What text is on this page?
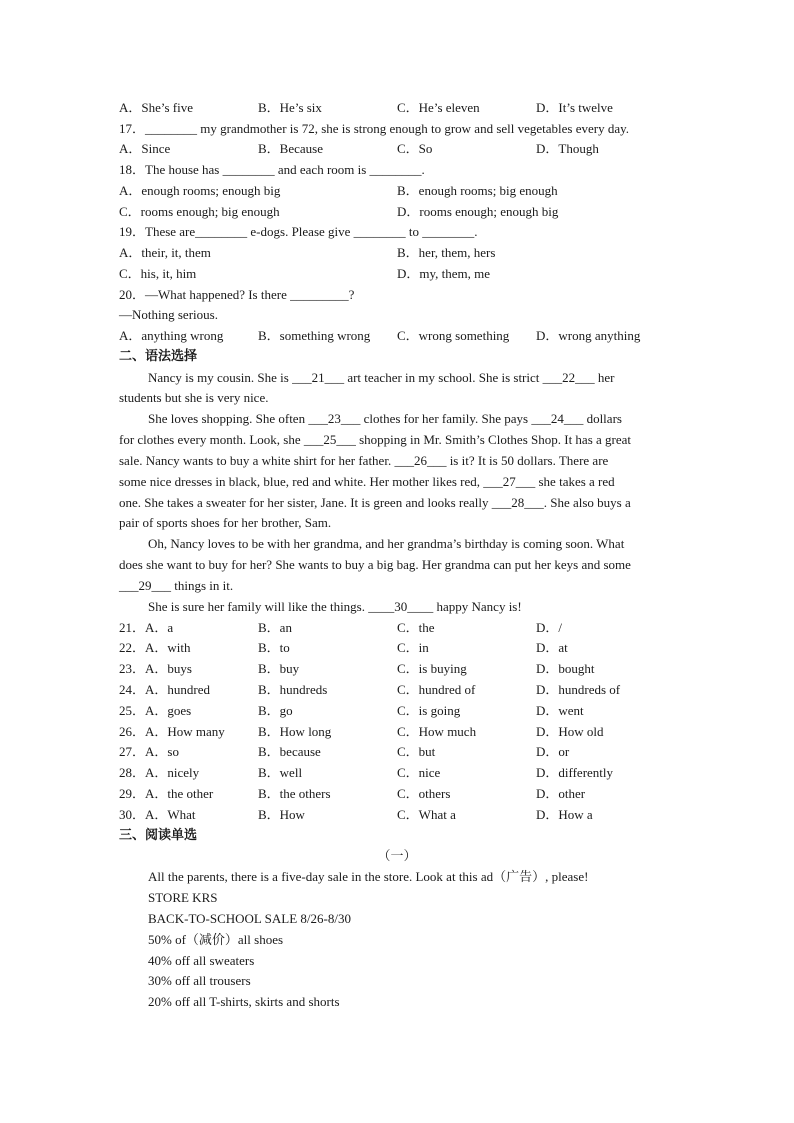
A．She’s five	B．He’s six	C．He’s eleven	D．It’s twelve
17．________ my grandmother is 72, she is strong enough to grow and sell vegetables every day.
A．Since	B．Because	C．So	D．Though
18．The house has ________ and each room is ________.
A．enough rooms; enough big	B．enough rooms; big enough
C．rooms enough; big enough	D．rooms enough; enough big
19．These are________ e-dogs. Please give ________ to ________.
A．their, it, them	B．her, them, hers
C．his, it, him	D．my, them, me
20．—What happened? Is there _________?
—Nothing serious.
A．anything wrong	B．something wrong C．wrong something D．wrong anything
二、语法选择
Nancy is my cousin. She is ___21___ art teacher in my school. She is strict ___22___ her
students but she is very nice.
She loves shopping. She often ___23___ clothes for her family. She pays ___24___ dollars
for clothes every month. Look, she ___25___ shopping in Mr. Smith’s Clothes Shop. It has a great
sale. Nancy wants to buy a white shirt for her father. ___26___ is it? It is 50 dollars. There are
some nice dresses in black, blue, red and white. Her mother likes red, ___27___ she takes a red
one. She takes a sweater for her sister, Jane. It is green and looks really ___28___. She also buys a
pair of sports shoes for her brother, Sam.
Oh, Nancy loves to be with her grandma, and her grandma’s birthday is coming soon. What
does she want to buy for her? She wants to buy a big bag. Her grandma can put her keys and some
___29___ things in it.
She is sure her family will like the things. ____30____ happy Nancy is!
21．A．a	B．an	C．the	D．/
22．A．with	B．to	C．in	D．at
23．A．buys	B．buy	C．is buying	D．bought
24．A．hundred	B．hundreds	C．hundred of	D．hundreds of
25．A．goes	B．go	C．is going	D．went
26．A．How many	B．How long	C．How much	D．How old
27．A．so	B．because	C．but	D．or
28．A．nicely	B．well	C．nice	D．differently
29．A．the other	B．the others	C．others	D．other
30．A．What	B．How	C．What a	D．How a
三、阅读单选
（一）
All the parents, there is a five-day sale in the store. Look at this ad（广告）, please!
STORE KRS
BACK-TO-SCHOOL SALE 8/26-8/30
50% of（减价）all shoes
40% off all sweaters
30% off all trousers
20% off all T-shirts, skirts and shorts
